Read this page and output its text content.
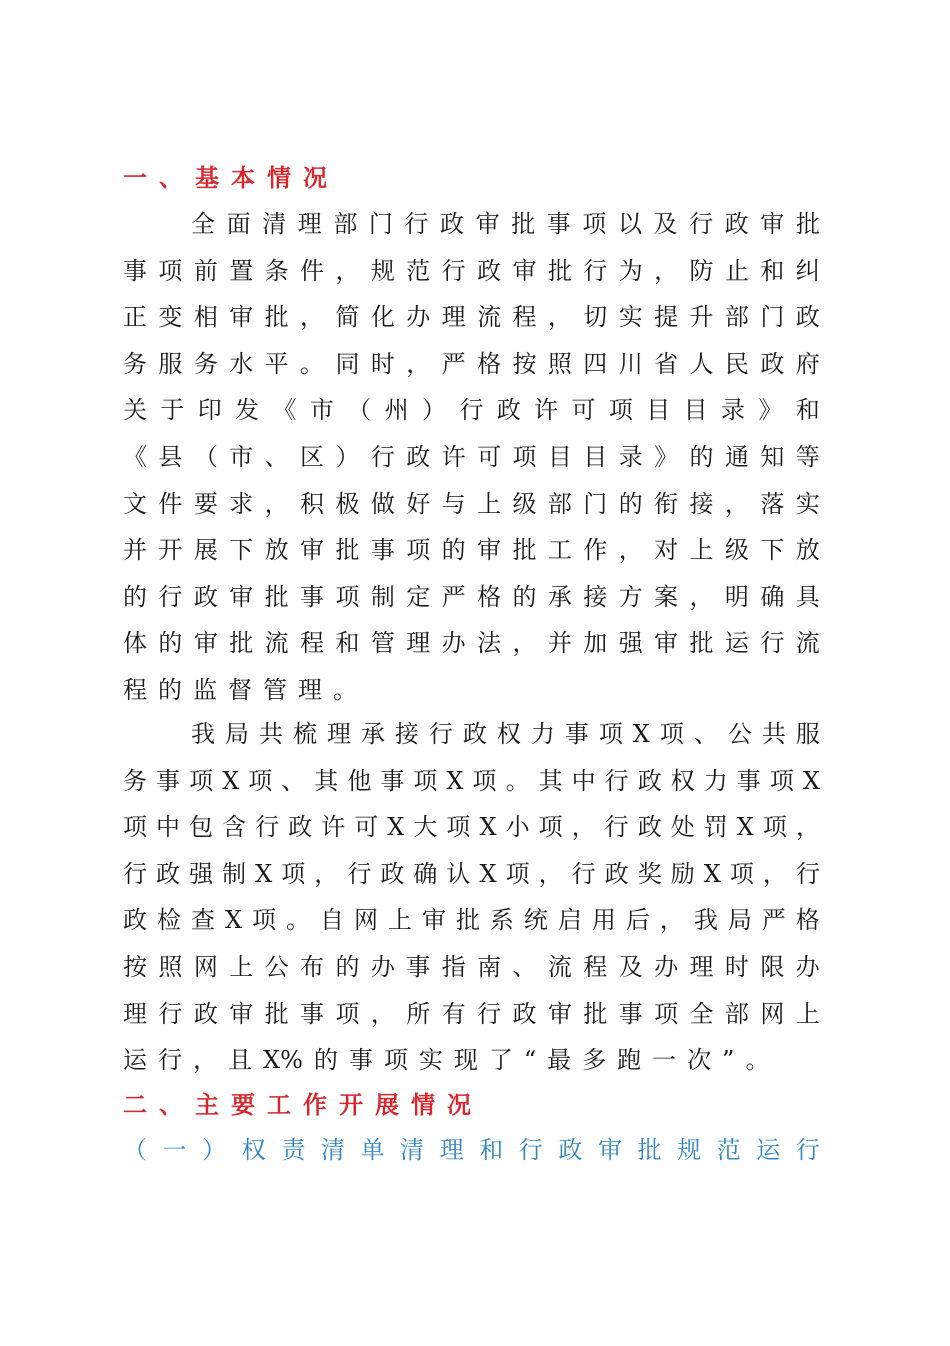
一 、 基 本 情 况
全 面 清 理 部 门 行 政 审 批 事 项 以 及 行 政 审 批
事 项 前 置 条 件 ， 规 范 行 政 审 批 行 为 ， 防 止 和 纠
正 变 相 审 批 ， 简 化 办 理 流 程 ， 切 实 提 升 部 门 政
务 服 务 水 平 。 同 时 ， 严 格 按 照 四 川 省 人 民 政 府
关 于 印 发 《 市 （ 州 ） 行 政 许 可 项 目 目 录 》 和
《 县 （ 市 、 区 ） 行 政 许 可 项 目 目 录 》 的 通 知 等
文 件 要 求 ， 积 极 做 好 与 上 级 部 门 的 衔 接 ， 落 实
并 开 展 下 放 审 批 事 项 的 审 批 工 作 ， 对 上 级 下 放
的 行 政 审 批 事 项 制 定 严 格 的 承 接 方 案 ， 明 确 具
体 的 审 批 流 程 和 管 理 办 法 ， 并 加 强 审 批 运 行 流
程 的 监 督 管 理 。
我 局 共 梳 理 承 接 行 政 权 力 事 项 X 项 、 公 共 服
务 事 项 X 项 、 其 他 事 项 X 项 。 其 中 行 政 权 力 事 项 X
项 中 包 含 行 政 许 可 X 大 项 X 小 项 ， 行 政 处 罚 X 项 ，
行 政 强 制 X 项 ， 行 政 确 认 X 项 ， 行 政 奖 励 X 项 ， 行
政 检 查 X 项 。 自 网 上 审 批 系 统 启 用 后 ， 我 局 严 格
按 照 网 上 公 布 的 办 事 指 南 、 流 程 及 办 理 时 限 办
理 行 政 审 批 事 项 ， 所 有 行 政 审 批 事 项 全 部 网 上
运 行 ， 且 X% 的 事 项 实 现 了 “ 最 多 跑 一 次 ” 。
二 、 主 要 工 作 开 展 情 况
（ 一 ） 权 责 清 单 清 理 和 行 政 审 批 规 范 运 行
